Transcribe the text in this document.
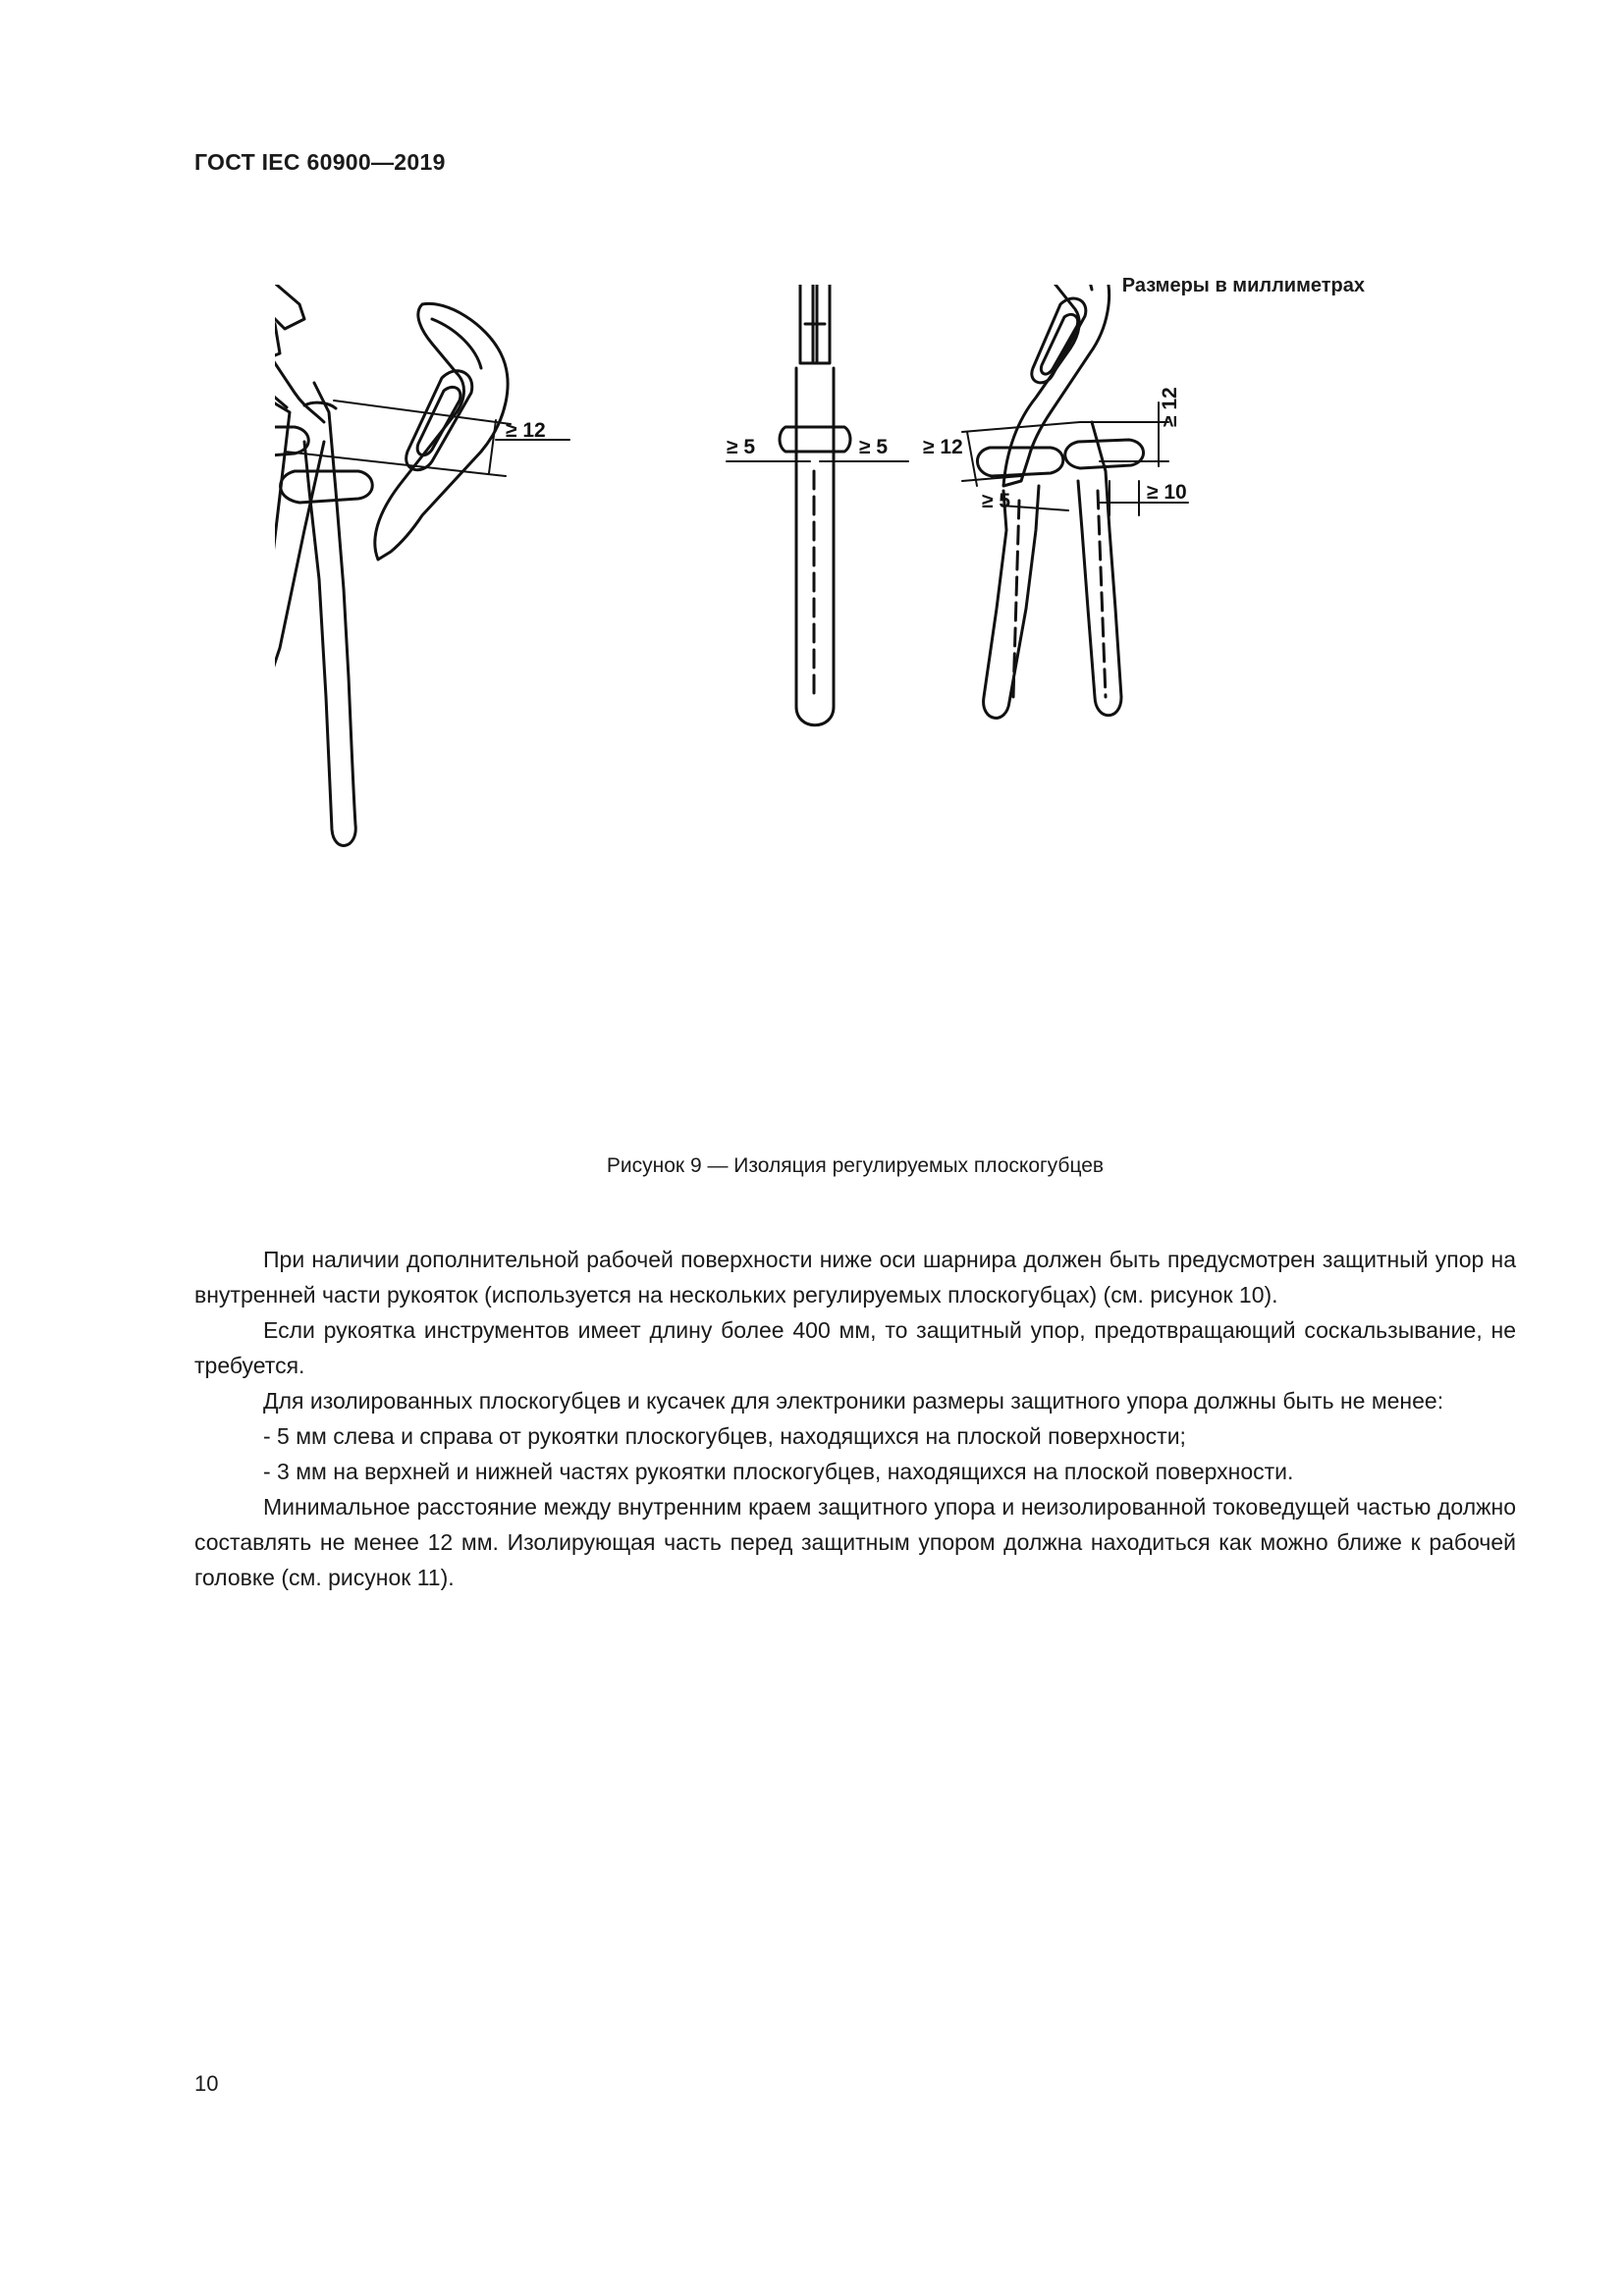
ГОСТ IEC 60900—2019
Размеры в миллиметрах
≥ 12
≥ 5	≥ 5
≥ 12
≥ 12
≥ 10
≥ 5
Рисунок 9 — Изоляция регулируемых плоскогубцев

При наличии дополнительной рабочей поверхности ниже оси шарнира должен быть предусмотрен защитный упор на внутренней части рукояток (используется на нескольких регулируемых плоскогубцах) (см. рисунок 10).

Если рукоятка инструментов имеет длину более 400 мм, то защитный упор, предотвращающий соскальзывание, не требуется.

Для изолированных плоскогубцев и кусачек для электроники размеры защитного упора должны быть не менее:

- 5 мм слева и справа от рукоятки плоскогубцев, находящихся на плоской поверхности;

- 3 мм на верхней и нижней частях рукоятки плоскогубцев, находящихся на плоской поверхности.

Минимальное расстояние между внутренним краем защитного упора и неизолированной токоведущей частью должно составлять не менее 12 мм. Изолирующая часть перед защитным упором должна находиться как можно ближе к рабочей головке (см. рисунок 11).

10
